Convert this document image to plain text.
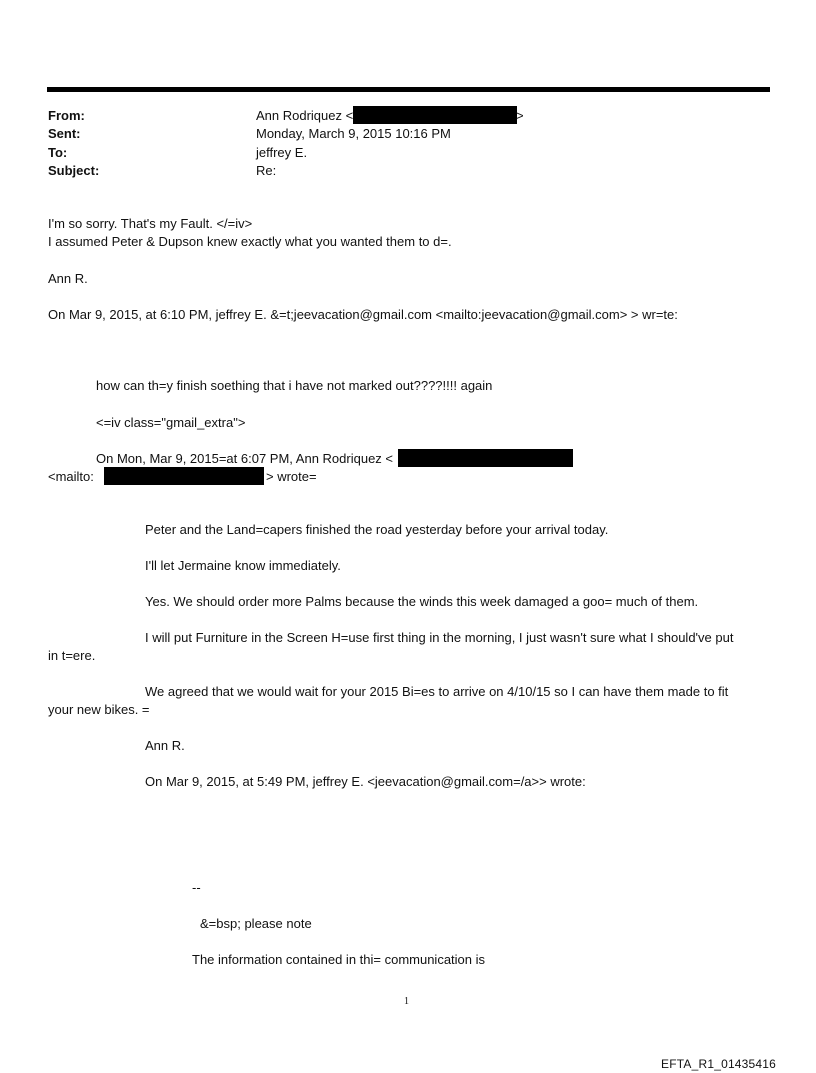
From:	Ann Rodriquez <	>
Sent:	Monday, March 9, 2015 10:16 PM
To:	jeffrey E.
Subject:	Re:
I'm so sorry. That's my Fault. </=iv>
I assumed Peter & Dupson knew exactly what you wanted them to d=.
Ann R.
On Mar 9, 2015, at 6:10 PM, jeffrey E. &=t;jeevacation@gmail.com <mailto:jeevacation@gmail.com> > wr=te:
how can th=y finish soething that i have not marked out????!!!! again
<=iv class="gmail_extra">
On Mon, Mar 9, 2015=at 6:07 PM, Ann Rodriquez <
<mailto:	> wrote=
Peter and the Land=capers finished the road yesterday before your arrival today.
I'll let Jermaine know immediately.
Yes. We should order more Palms because the winds this week damaged a goo= much of them.
I will put Furniture in the Screen H=use first thing in the morning, I just wasn't sure what I should've put
in t=ere.
We agreed that we would wait for your 2015 Bi=es to arrive on 4/10/15 so I can have them made to fit
your new bikes. =
Ann R.
On Mar 9, 2015, at 5:49 PM, jeffrey E. <jeevacation@gmail.com=/a>> wrote:
--
&=bsp; please note
The information contained in thi= communication is
1
EFTA_R1_01435416
